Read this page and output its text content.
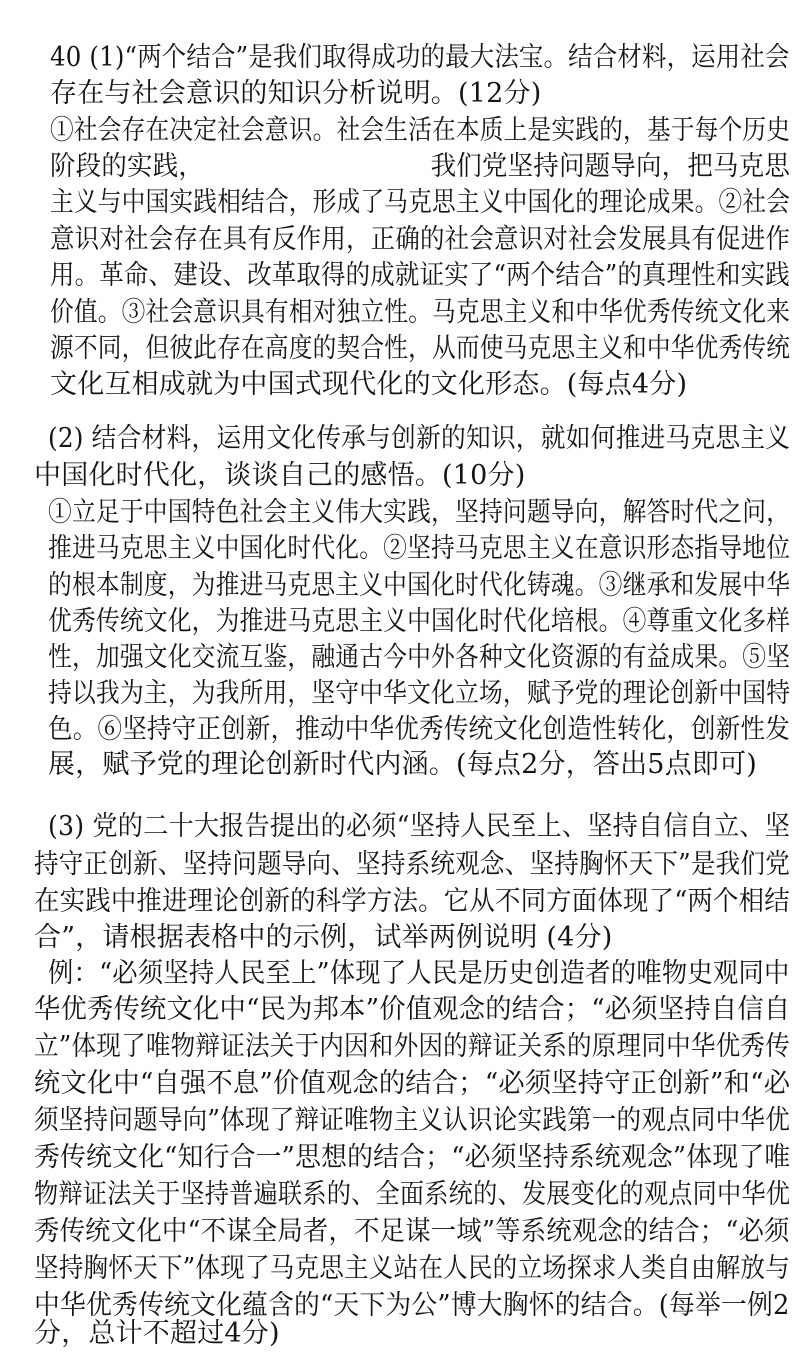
40 (1)“两个结合”是我们取得成功的最大法宝。结合材料，运用社会
存在与社会意识的知识分析说明。(12分)
①社会存在决定社会意识。社会生活在本质上是实践的，基于每个历史
阶段的实践，	我们党坚持问题导向，把马克思
主义与中国实践相结合，形成了马克思主义中国化的理论成果。②社会
意识对社会存在具有反作用，正确的社会意识对社会发展具有促进作
用。革命、建设、改革取得的成就证实了“两个结合”的真理性和实践
价值。③社会意识具有相对独立性。马克思主义和中华优秀传统文化来
源不同，但彼此存在高度的契合性，从而使马克思主义和中华优秀传统
文化互相成就为中国式现代化的文化形态。(每点4分)
(2) 结合材料，运用文化传承与创新的知识，就如何推进马克思主义
中国化时代化，谈谈自己的感悟。(10分)
①立足于中国特色社会主义伟大实践，坚持问题导向，解答时代之问，
推进马克思主义中国化时代化。②坚持马克思主义在意识形态指导地位
的根本制度，为推进马克思主义中国化时代化铸魂。③继承和发展中华
优秀传统文化，为推进马克思主义中国化时代化培根。④尊重文化多样
性，加强文化交流互鉴，融通古今中外各种文化资源的有益成果。⑤坚
持以我为主，为我所用，坚守中华文化立场，赋予党的理论创新中国特
色。⑥坚持守正创新，推动中华优秀传统文化创造性转化，创新性发
展，赋予党的理论创新时代内涵。(每点2分，答出5点即可)
(3) 党的二十大报告提出的必须“坚持人民至上、坚持自信自立、坚
持守正创新、坚持问题导向、坚持系统观念、坚持胸怀天下”是我们党
在实践中推进理论创新的科学方法。它从不同方面体现了“两个相结
合”，请根据表格中的示例，试举两例说明 (4分)
例：“必须坚持人民至上”体现了人民是历史创造者的唯物史观同中
华优秀传统文化中“民为邦本”价值观念的结合；“必须坚持自信自
立”体现了唯物辩证法关于内因和外因的辩证关系的原理同中华优秀传
统文化中“自强不息”价值观念的结合；“必须坚持守正创新”和“必
须坚持问题导向”体现了辩证唯物主义认识论实践第一的观点同中华优
秀传统文化“知行合一”思想的结合；“必须坚持系统观念”体现了唯
物辩证法关于坚持普遍联系的、全面系统的、发展变化的观点同中华优
秀传统文化中“不谋全局者，不足谋一域”等系统观念的结合；“必须
坚持胸怀天下”体现了马克思主义站在人民的立场探求人类自由解放与
中华优秀传统文化蕴含的“天下为公”博大胸怀的结合。(每举一例2
分，总计不超过4分)
